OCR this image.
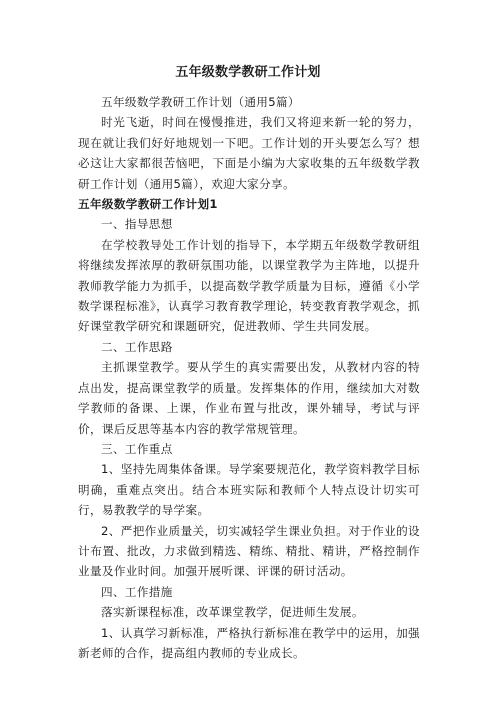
五年级数学教研工作计划

五年级数学教研工作计划（通用5篇）

时光飞逝，时间在慢慢推进，我们又将迎来新一轮的努力，现在就让我们好好地规划一下吧。工作计划的开头要怎么写？想必这让大家都很苦恼吧，下面是小编为大家收集的五年级数学教研工作计划（通用5篇），欢迎大家分享。

五年级数学教研工作计划1

一、指导思想

在学校教导处工作计划的指导下，本学期五年级数学教研组将继续发挥浓厚的教研氛围功能，以课堂教学为主阵地，以提升教师教学能力为抓手，以提高数学教学质量为目标，遵循《小学数学课程标准》，认真学习教育教学理论，转变教育教学观念，抓好课堂教学研究和课题研究，促进教师、学生共同发展。

二、工作思路

主抓课堂教学。要从学生的真实需要出发，从教材内容的特点出发，提高课堂教学的质量。发挥集体的作用，继续加大对数学教师的备课、上课，作业布置与批改，课外辅导，考试与评价，课后反思等基本内容的教学常规管理。

三、工作重点

1、坚持先周集体备课。导学案要规范化，教学资料教学目标明确，重难点突出。结合本班实际和教师个人特点设计切实可行，易教教学的导学案。

2、严把作业质量关，切实减轻学生课业负担。对于作业的设计布置、批改，力求做到精选、精练、精批、精讲，严格控制作业量及作业时间。加强开展听课、评课的研讨活动。

四、工作措施

落实新课程标准，改革课堂教学，促进师生发展。

1、认真学习新标准，严格执行新标准在教学中的运用，加强新老师的合作，提高组内教师的专业成长。
